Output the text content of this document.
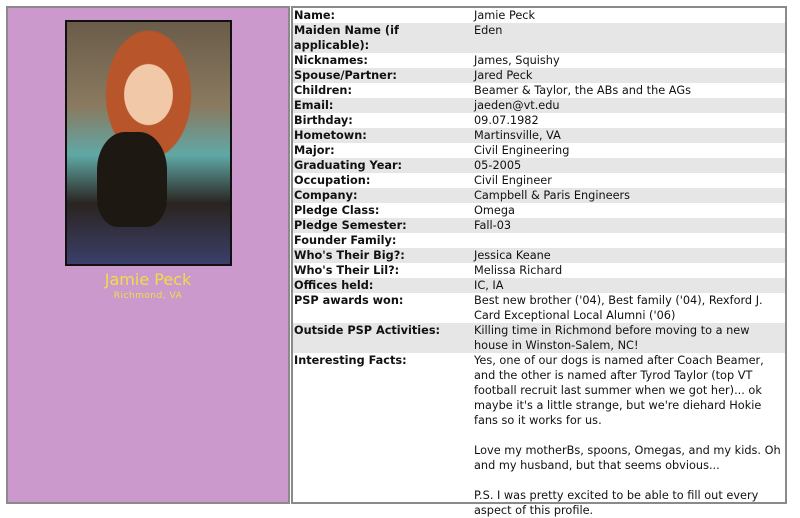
Jamie Peck
Richmond, VA
Name:	Jamie Peck
Maiden Name (if applicable):
Eden
Nicknames:	James, Squishy
Spouse/Partner:	Jared Peck
Children:	Beamer & Taylor, the ABs and the AGs
Email:	jaeden@vt.edu
Birthday:	09.07.1982
Hometown:	Martinsville, VA
Major:	Civil Engineering
Graduating Year:	05-2005
Occupation:	Civil Engineer
Company:	Campbell & Paris Engineers
Pledge Class:	Omega
Pledge Semester:	Fall-03
Founder Family:
Who's Their Big?:	Jessica Keane
Who's Their Lil?:	Melissa Richard
Offices held:	IC, IA
PSP awards won:	Best new brother ('04), Best family ('04), Rexford J. Card Exceptional Local Alumni ('06)
Outside PSP Activities:	Killing time in Richmond before moving to a new house in Winston-Salem, NC!
Interesting Facts:	Yes, one of our dogs is named after Coach Beamer, and the other is named after Tyrod Taylor (top VT football recruit last summer when we got her)... ok maybe it's a little strange, but we're diehard Hokie fans so it works for us.

Love my motherBs, spoons, Omegas, and my kids. Oh and my husband, but that seems obvious...

P.S. I was pretty excited to be able to fill out every aspect of this profile.
